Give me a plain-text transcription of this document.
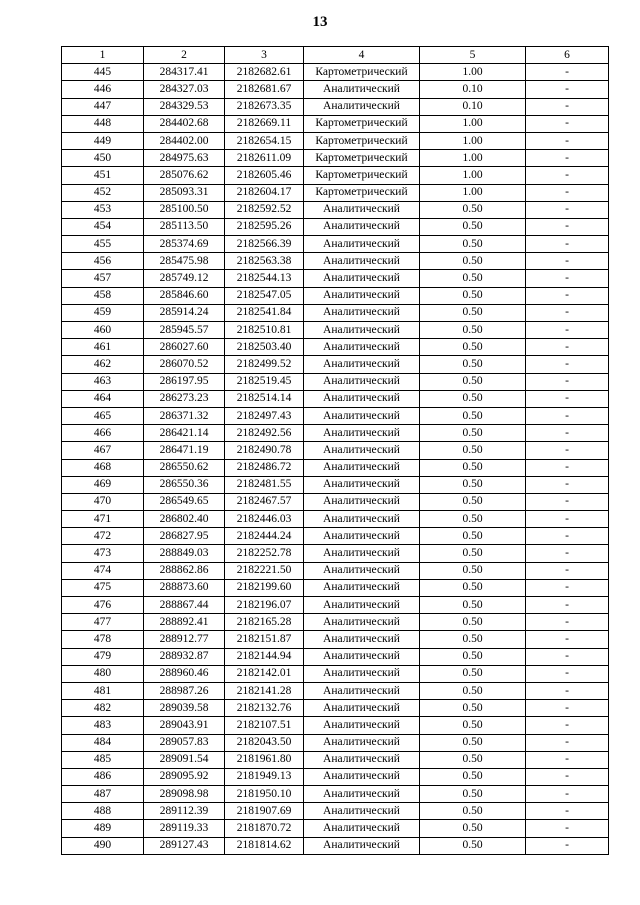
13
1	2	3	4	5	6
445	284317.41	2182682.61	Картометрический	1.00	-
446	284327.03	2182681.67	Аналитический	0.10	-
447	284329.53	2182673.35	Аналитический	0.10	-
448	284402.68	2182669.11	Картометрический	1.00	-
449	284402.00	2182654.15	Картометрический	1.00	-
450	284975.63	2182611.09	Картометрический	1.00	-
451	285076.62	2182605.46	Картометрический	1.00	-
452	285093.31	2182604.17	Картометрический	1.00	-
453	285100.50	2182592.52	Аналитический	0.50	-
454	285113.50	2182595.26	Аналитический	0.50	-
455	285374.69	2182566.39	Аналитический	0.50	-
456	285475.98	2182563.38	Аналитический	0.50	-
457	285749.12	2182544.13	Аналитический	0.50	-
458	285846.60	2182547.05	Аналитический	0.50	-
459	285914.24	2182541.84	Аналитический	0.50	-
460	285945.57	2182510.81	Аналитический	0.50	-
461	286027.60	2182503.40	Аналитический	0.50	-
462	286070.52	2182499.52	Аналитический	0.50	-
463	286197.95	2182519.45	Аналитический	0.50	-
464	286273.23	2182514.14	Аналитический	0.50	-
465	286371.32	2182497.43	Аналитический	0.50	-
466	286421.14	2182492.56	Аналитический	0.50	-
467	286471.19	2182490.78	Аналитический	0.50	-
468	286550.62	2182486.72	Аналитический	0.50	-
469	286550.36	2182481.55	Аналитический	0.50	-
470	286549.65	2182467.57	Аналитический	0.50	-
471	286802.40	2182446.03	Аналитический	0.50	-
472	286827.95	2182444.24	Аналитический	0.50	-
473	288849.03	2182252.78	Аналитический	0.50	-
474	288862.86	2182221.50	Аналитический	0.50	-
475	288873.60	2182199.60	Аналитический	0.50	-
476	288867.44	2182196.07	Аналитический	0.50	-
477	288892.41	2182165.28	Аналитический	0.50	-
478	288912.77	2182151.87	Аналитический	0.50	-
479	288932.87	2182144.94	Аналитический	0.50	-
480	288960.46	2182142.01	Аналитический	0.50	-
481	288987.26	2182141.28	Аналитический	0.50	-
482	289039.58	2182132.76	Аналитический	0.50	-
483	289043.91	2182107.51	Аналитический	0.50	-
484	289057.83	2182043.50	Аналитический	0.50	-
485	289091.54	2181961.80	Аналитический	0.50	-
486	289095.92	2181949.13	Аналитический	0.50	-
487	289098.98	2181950.10	Аналитический	0.50	-
488	289112.39	2181907.69	Аналитический	0.50	-
489	289119.33	2181870.72	Аналитический	0.50	-
490	289127.43	2181814.62	Аналитический	0.50	-
